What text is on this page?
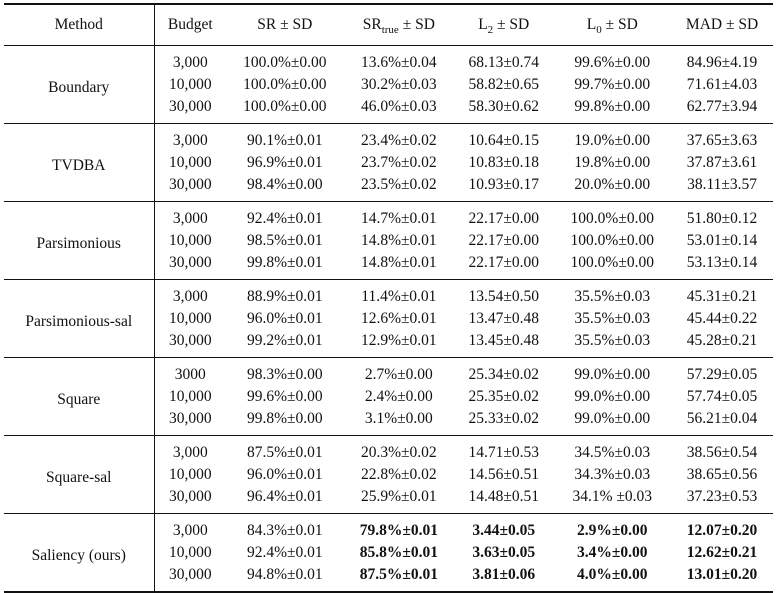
Method	Budget	SR ± SD	$SR_{true}$ ± SD	$L_2$ ± SD	$L_0$ ± SD	MAD ± SD
Boundary	3,000	100.0%±0.00	13.6%±0.04	68.13±0.74	99.6%±0.00	84.96±4.19
	10,000	100.0%±0.00	30.2%±0.03	58.82±0.65	99.7%±0.00	71.61±4.03
	30,000	100.0%±0.00	46.0%±0.03	58.30±0.62	99.8%±0.00	62.77±3.94
TVDBA	3,000	90.1%±0.01	23.4%±0.02	10.64±0.15	19.0%±0.00	37.65±3.63
	10,000	96.9%±0.01	23.7%±0.02	10.83±0.18	19.8%±0.00	37.87±3.61
	30,000	98.4%±0.00	23.5%±0.02	10.93±0.17	20.0%±0.00	38.11±3.57
Parsimonious	3,000	92.4%±0.01	14.7%±0.01	22.17±0.00	100.0%±0.00	51.80±0.12
	10,000	98.5%±0.01	14.8%±0.01	22.17±0.00	100.0%±0.00	53.01±0.14
	30,000	99.8%±0.01	14.8%±0.01	22.17±0.00	100.0%±0.00	53.13±0.14
Parsimonious-sal	3,000	88.9%±0.01	11.4%±0.01	13.54±0.50	35.5%±0.03	45.31±0.21
	10,000	96.0%±0.01	12.6%±0.01	13.47±0.48	35.5%±0.03	45.44±0.22
	30,000	99.2%±0.01	12.9%±0.01	13.45±0.48	35.5%±0.03	45.28±0.21
Square	3000	98.3%±0.00	2.7%±0.00	25.34±0.02	99.0%±0.00	57.29±0.05
	10,000	99.6%±0.00	2.4%±0.00	25.35±0.02	99.0%±0.00	57.74±0.05
	30,000	99.8%±0.00	3.1%±0.00	25.33±0.02	99.0%±0.00	56.21±0.04
Square-sal	3,000	87.5%±0.01	20.3%±0.02	14.71±0.53	34.5%±0.03	38.56±0.54
	10,000	96.0%±0.01	22.8%±0.02	14.56±0.51	34.3%±0.03	38.65±0.56
	30,000	96.4%±0.01	25.9%±0.01	14.48±0.51	34.1% ±0.03	37.23±0.53
Saliency (ours)	3,000	84.3%±0.01	79.8%±0.01	3.44±0.05	2.9%±0.00	12.07±0.20
	10,000	92.4%±0.01	85.8%±0.01	3.63±0.05	3.4%±0.00	12.62±0.21
	30,000	94.8%±0.01	87.5%±0.01	3.81±0.06	4.0%±0.00	13.01±0.20
